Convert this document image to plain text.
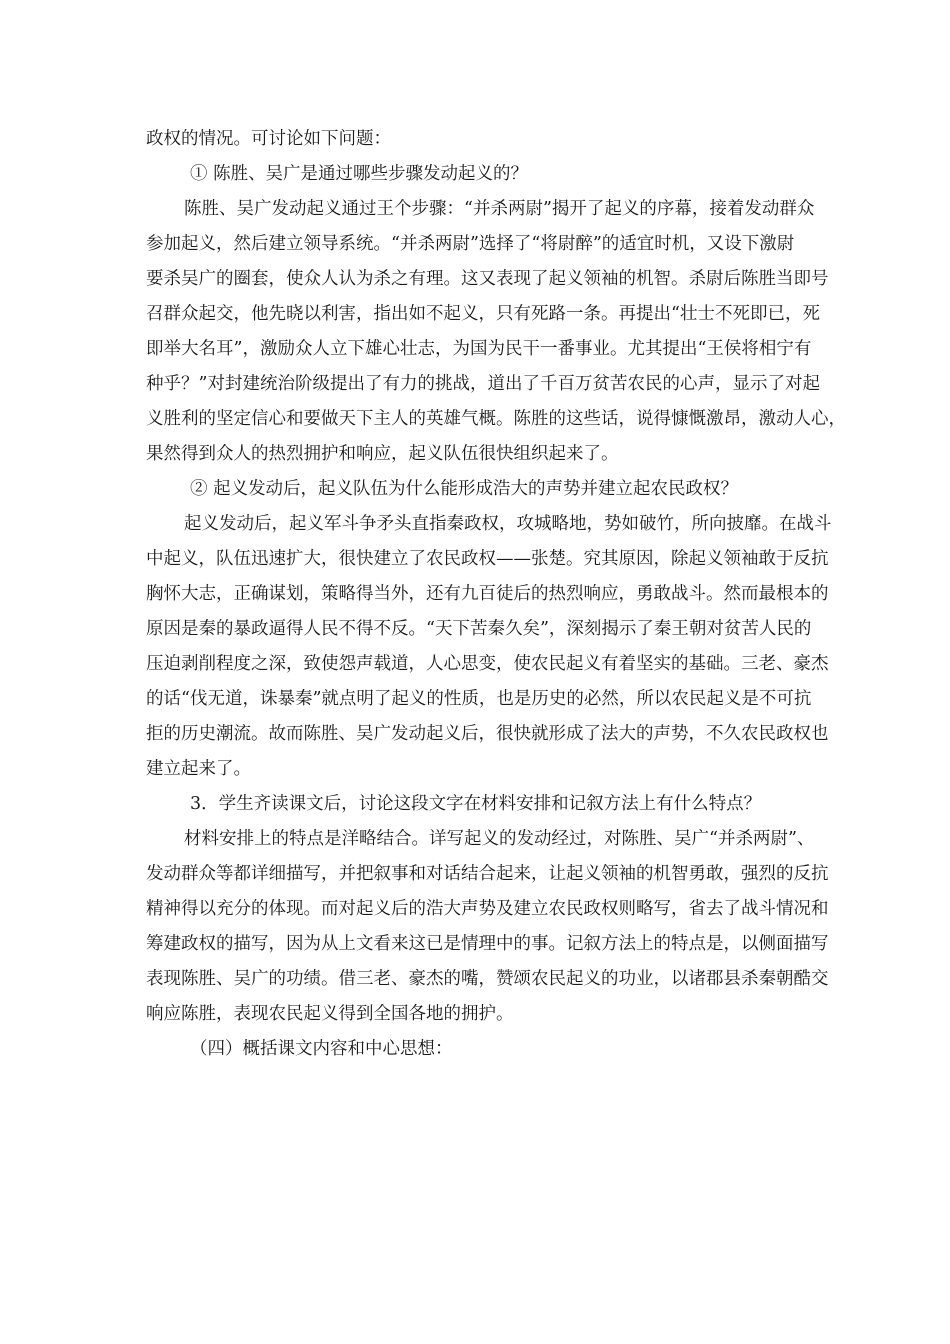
政权的情况。可讨论如下问题：
① 陈胜、吴广是通过哪些步骤发动起义的？
陈胜、吴广发动起义通过王个步骤：“并杀两尉”揭开了起义的序幕，接着发动群众
参加起义，然后建立领导系统。“并杀两尉”选择了“将尉醉”的适宜时机，又设下激尉
要杀吴广的圈套，使众人认为杀之有理。这又表现了起义领袖的机智。杀尉后陈胜当即号
召群众起交，他先晓以利害，指出如不起义，只有死路一条。再提出“壮士不死即已，死
即举大名耳”，激励众人立下雄心壮志，为国为民干一番事业。尤其提出“王侯将相宁有
种乎？”对封建统治阶级提出了有力的挑战，道出了千百万贫苦农民的心声，显示了对起
义胜利的坚定信心和要做天下主人的英雄气概。陈胜的这些话，说得慷慨激昂，激动人心，
果然得到众人的热烈拥护和响应，起义队伍很快组织起来了。
② 起义发动后，起义队伍为什么能形成浩大的声势并建立起农民政权？
起义发动后，起义军斗争矛头直指秦政权，攻城略地，势如破竹，所向披靡。在战斗
中起义，队伍迅速扩大，很快建立了农民政权——张楚。究其原因，除起义领袖敢于反抗
胸怀大志，正确谋划，策略得当外，还有九百徒后的热烈响应，勇敢战斗。然而最根本的
原因是秦的暴政逼得人民不得不反。“天下苦秦久矣”，深刻揭示了秦王朝对贫苦人民的
压迫剥削程度之深，致使怨声载道，人心思变，使农民起义有着坚实的基础。三老、豪杰
的话“伐无道，诛暴秦”就点明了起义的性质，也是历史的必然，所以农民起义是不可抗
拒的历史潮流。故而陈胜、吴广发动起义后，很快就形成了法大的声势，不久农民政权也
建立起来了。
3．学生齐读课文后，讨论这段文字在材料安排和记叙方法上有什么特点？
材料安排上的特点是洋略结合。详写起义的发动经过，对陈胜、吴广“并杀两尉”、
发动群众等都详细描写，并把叙事和对话结合起来，让起义领袖的机智勇敢，强烈的反抗
精神得以充分的体现。而对起义后的浩大声势及建立农民政权则略写，省去了战斗情况和
筹建政权的描写，因为从上文看来这已是情理中的事。记叙方法上的特点是，以侧面描写
表现陈胜、吴广的功绩。借三老、豪杰的嘴，赞颂农民起义的功业，以诸郡县杀秦朝酷交
响应陈胜，表现农民起义得到全国各地的拥护。
（四）概括课文内容和中心思想：
